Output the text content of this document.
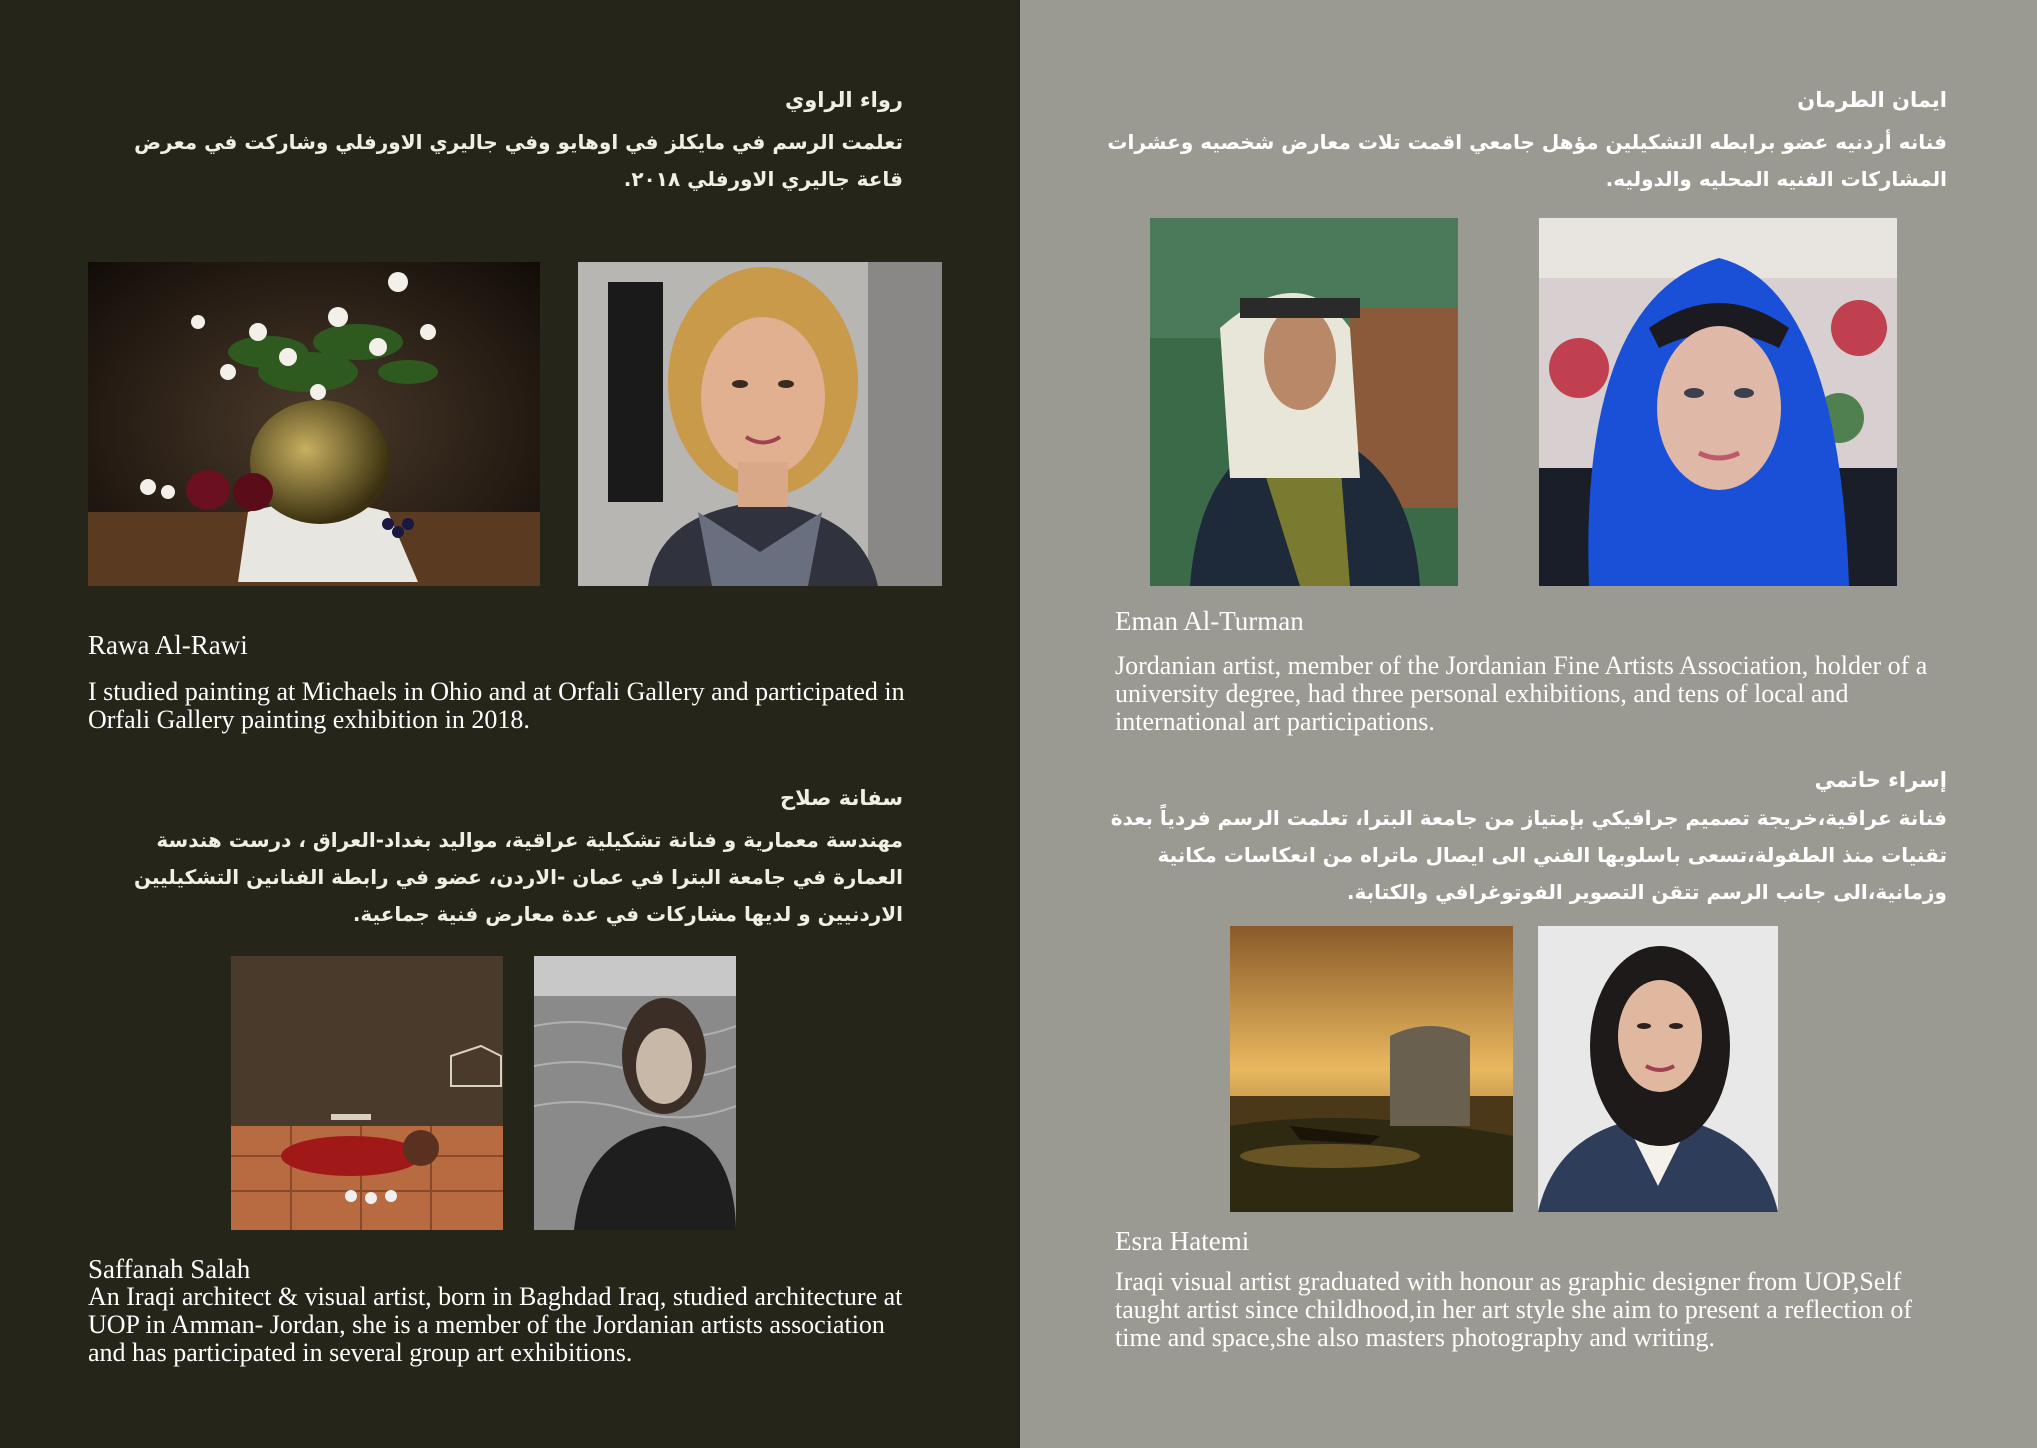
رواء الراوي
تعلمت الرسم في مايكلز في اوهايو وفي جاليري الاورفلي وشاركت في معرض قاعة جاليري الاورفلي ٢٠١٨.
Rawa Al-Rawi
I studied painting at Michaels in Ohio and at Orfali Gallery and participated in Orfali Gallery painting exhibition in 2018.
سفانة صلاح
مهندسة معمارية و فنانة تشكيلية عراقية، مواليد بغداد-العراق ، درست هندسة العمارة في جامعة البترا في عمان -الاردن، عضو في رابطة الفنانين التشكيليين الاردنيين و لديها مشاركات في عدة معارض فنية جماعية.
Saffanah Salah
An Iraqi architect & visual artist, born in Baghdad Iraq, studied architecture at UOP in Amman- Jordan, she is a member of the Jordanian artists association and has participated in several group art exhibitions.
ايمان الطرمان
فنانه أردنيه عضو برابطه التشكيلين مؤهل جامعي اقمت تلات معارض شخصيه وعشرات المشاركات الفنيه المحليه والدوليه.
Eman Al-Turman
Jordanian artist, member of the Jordanian Fine Artists Association, holder of a university degree, had three personal exhibitions, and tens of local and international art participations.
إسراء حاتمي
فنانة عراقية،خريجة تصميم جرافيكي بإمتياز من جامعة البترا، تعلمت الرسم فردياً بعدة تقنيات منذ الطفولة،تسعى باسلوبها الفني الى ايصال ماتراه من انعكاسات مكانية وزمانية،الى جانب الرسم تتقن التصوير الفوتوغرافي والكتابة.
Esra Hatemi
Iraqi visual artist graduated with honour as graphic designer from UOP,Self taught artist since childhood,in her art style she aim to present a reflection of time and space,she also masters photography and writing.
